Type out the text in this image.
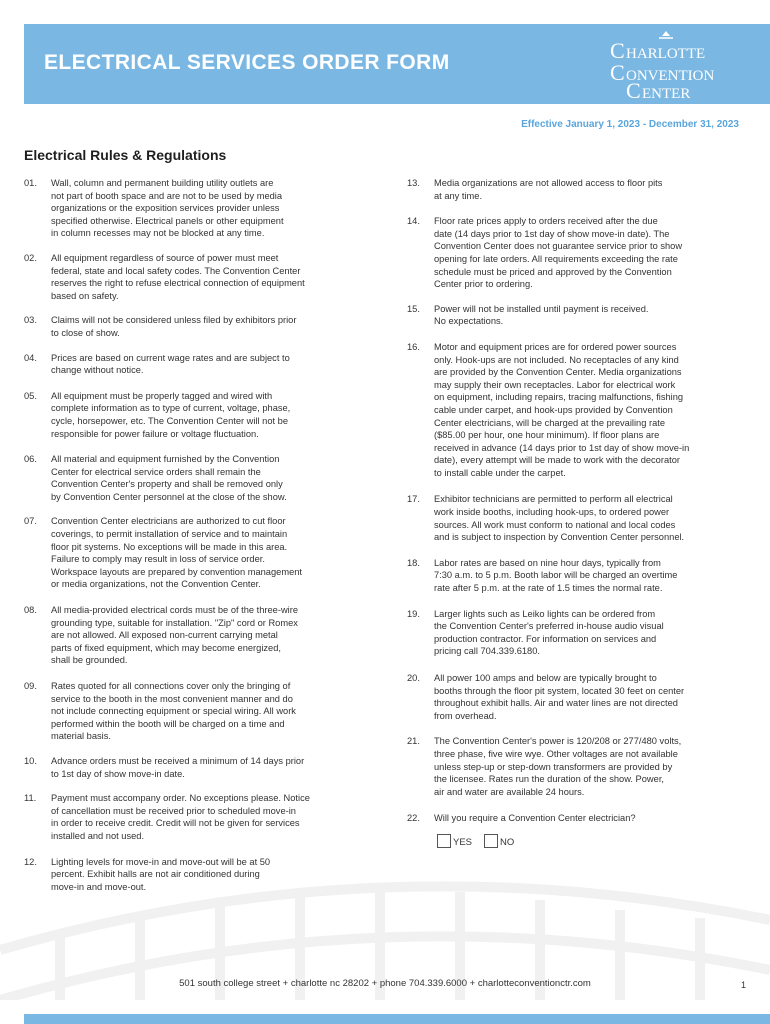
ELECTRICAL SERVICES ORDER FORM	C HARLOTTE
C ONVENTION
C ENTER
Effective January 1, 2023 - December 31, 2023
Electrical Rules & Regulations
01. Wall, column and permanent building utility outlets are
not part of booth space and are not to be used by media
organizations or the exposition services provider unless
specified otherwise. Electrical panels or other equipment
in column recesses may not be blocked at any time.
02. All equipment regardless of source of power must meet
federal, state and local safety codes. The Convention Center
reserves the right to refuse electrical connection of equipment
based on safety.
03. Claims will not be considered unless filed by exhibitors prior
to close of show.
04. Prices are based on current wage rates and are subject to
change without notice.
05. All equipment must be properly tagged and wired with
complete information as to type of current, voltage, phase,
cycle, horsepower, etc. The Convention Center will not be
responsible for power failure or voltage fluctuation.
06. All material and equipment furnished by the Convention
Center for electrical service orders shall remain the
Convention Center's property and shall be removed only
by Convention Center personnel at the close of the show.
07. Convention Center electricians are authorized to cut floor
coverings, to permit installation of service and to maintain
floor pit systems. No exceptions will be made in this area.
Failure to comply may result in loss of service order.
Workspace layouts are prepared by convention management
or media organizations, not the Convention Center.
08. All media-provided electrical cords must be of the three-wire
grounding type, suitable for installation. "Zip" cord or Romex
are not allowed. All exposed non-current carrying metal
parts of fixed equipment, which may become energized,
shall be grounded.
09. Rates quoted for all connections cover only the bringing of
service to the booth in the most convenient manner and do
not include connecting equipment or special wiring. All work
performed within the booth will be charged on a time and
material basis.
10. Advance orders must be received a minimum of 14 days prior
to 1st day of show move-in date.
11. Payment must accompany order. No exceptions please. Notice
of cancellation must be received prior to scheduled move-in
in order to receive credit. Credit will not be given for services
installed and not used.
12. Lighting levels for move-in and move-out will be at 50
percent. Exhibit halls are not air conditioned during
move-in and move-out.
13. Media organizations are not allowed access to floor pits
at any time.
14. Floor rate prices apply to orders received after the due
date (14 days prior to 1st day of show move-in date). The
Convention Center does not guarantee service prior to show
opening for late orders. All requirements exceeding the rate
schedule must be priced and approved by the Convention
Center prior to ordering.
15. Power will not be installed until payment is received.
No expectations.
16. Motor and equipment prices are for ordered power sources
only. Hook-ups are not included. No receptacles of any kind
are provided by the Convention Center. Media organizations
may supply their own receptacles. Labor for electrical work
on equipment, including repairs, tracing malfunctions, fishing
cable under carpet, and hook-ups provided by Convention
Center electricians, will be charged at the prevailing rate
($85.00 per hour, one hour minimum). If floor plans are
received in advance (14 days prior to 1st day of show move-in
date), every attempt will be made to work with the decorator
to install cable under the carpet.
17. Exhibitor technicians are permitted to perform all electrical
work inside booths, including hook-ups, to ordered power
sources. All work must conform to national and local codes
and is subject to inspection by Convention Center personnel.
18. Labor rates are based on nine hour days, typically from
7:30 a.m. to 5 p.m. Booth labor will be charged an overtime
rate after 5 p.m. at the rate of 1.5 times the normal rate.
19. Larger lights such as Leiko lights can be ordered from
the Convention Center's preferred in-house audio visual
production contractor. For information on services and
pricing call 704.339.6180.
20. All power 100 amps and below are typically brought to
booths through the floor pit system, located 30 feet on center
throughout exhibit halls. Air and water lines are not directed
from overhead.
21. The Convention Center's power is 120/208 or 277/480 volts,
three phase, five wire wye. Other voltages are not available
unless step-up or step-down transformers are provided by
the licensee. Rates run the duration of the show. Power,
air and water are available 24 hours.
22. Will you require a Convention Center electrician?
YES	NO
501 south college street + charlotte nc 28202 + phone 704.339.6000 + charlotteconventionctr.com	1
